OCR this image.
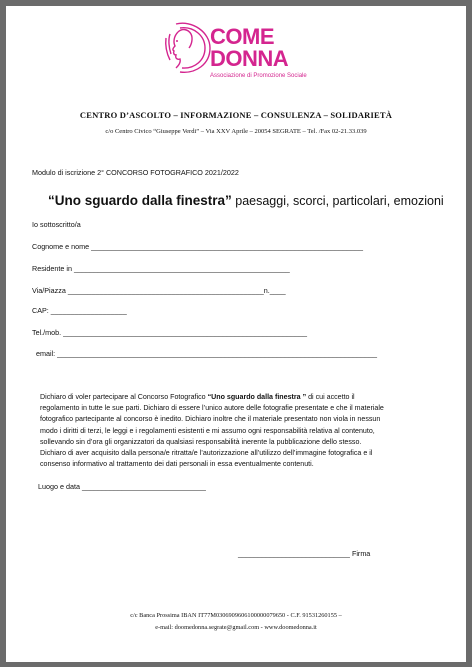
COME
DONNA
Associazione di Promozione Sociale
CENTRO D’ASCOLTO – INFORMAZIONE – CONSULENZA – SOLIDARIETÀ
c/o Centro Civico “Giuseppe Verdi” – Via XXV Aprile – 20054 SEGRATE – Tel. /Fax 02-21.33.039
Modulo di iscrizione 2° CONCORSO FOTOGRAFICO 2021/2022
“Uno sguardo dalla finestra” paesaggi, scorci, particolari, emozioni
Io sottoscritto/a
Cognome e nome ____________________________________________________________________
Residente in ______________________________________________________
Via/Piazza _________________________________________________n.____
CAP: ___________________
Tel./mob. _____________________________________________________________
email: ________________________________________________________________________________
Dichiaro di voler partecipare al Concorso Fotografico “Uno sguardo dalla finestra ” di cui accetto il
regolamento in tutte le sue parti. Dichiaro di essere l’unico autore delle fotografie presentate e che il materiale
fotografico partecipante al concorso è inedito. Dichiaro inoltre che il materiale presentato non viola in nessun
modo i diritti di terzi, le leggi e i regolamenti esistenti e mi assumo ogni responsabilità relativa al contenuto,
sollevando sin d’ora gli organizzatori da qualsiasi responsabilità inerente la pubblicazione dello stesso.
Dichiaro di aver acquisito dalla persona/e ritratta/e l’autorizzazione all’utilizzo dell’immagine fotografica e il
consenso informativo al trattamento dei dati personali in essa eventualmente contenuti.
Luogo e data _______________________________
____________________________ Firma
c/c Banca Prossima IBAN IT77M0306909606100000079650 - C.F. 91531260155 –
e-mail: doomedonna.segrate@gmail.com - www.doomedonna.it
